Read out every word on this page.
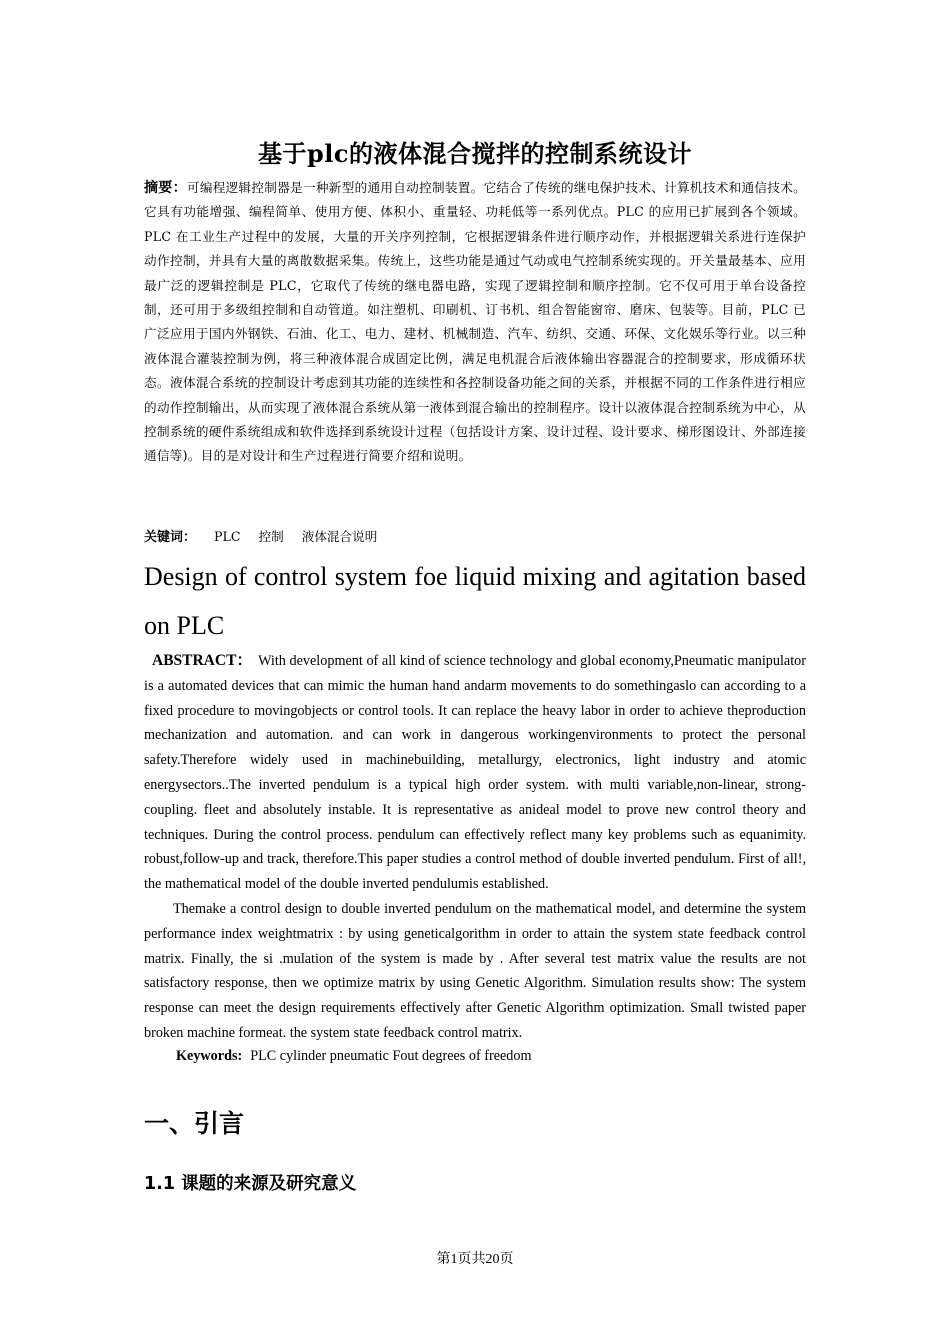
基于plc的液体混合搅拌的控制系统设计
摘要：可编程逻辑控制器是一种新型的通用自动控制装置。它结合了传统的继电保护技术、计算机技术和通信技术。它具有功能增强、编程简单、使用方便、体积小、重量轻、功耗低等一系列优点。PLC 的应用已扩展到各个领域。PLC 在工业生产过程中的发展，大量的开关序列控制，它根据逻辑条件进行顺序动作，并根据逻辑关系进行连保护动作控制，并具有大量的离散数据采集。传统上，这些功能是通过气动或电气控制系统实现的。开关量最基本、应用最广泛的逻辑控制是 PLC，它取代了传统的继电器电路，实现了逻辑控制和顺序控制。它不仅可用于单台设备控制，还可用于多级组控制和自动管道。如注塑机、印刷机、订书机、组合智能窗帘、磨床、包装等。目前，PLC 已广泛应用于国内外钢铁、石油、化工、电力、建材、机械制造、汽车、纺织、交通、环保、文化娱乐等行业。以三种液体混合灌装控制为例，将三种液体混合成固定比例，满足电机混合后液体输出容器混合的控制要求，形成循环状态。液体混合系统的控制设计考虑到其功能的连续性和各控制设备功能之间的关系，并根据不同的工作条件进行相应的动作控制输出，从而实现了液体混合系统从第一液体到混合输出的控制程序。设计以液体混合控制系统为中心，从控制系统的硬件系统组成和软件选择到系统设计过程（包括设计方案、设计过程、设计要求、梯形图设计、外部连接通信等)。目的是对设计和生产过程进行简要介绍和说明。
关键词： PLC 控制 液体混合说明
Design of control system foe liquid mixing and agitation based on PLC

ABSTRACT： With development of all kind of science technology and global economy,Pneumatic manipulator is a automated devices that can mimic the human hand andarm movements to do somethingaslo can according to a fixed procedure to movingobjects or control tools. It can replace the heavy labor in order to achieve theproduction mechanization and automation. and can work in dangerous workingenvironments to protect the personal safety.Therefore widely used in machinebuilding, metallurgy, electronics, light industry and atomic energysectors..The inverted pendulum is a typical high order system. with multi variable,non-linear, strong-coupling. fleet and absolutely instable. It is representative as anideal model to prove new control theory and techniques. During the control process. pendulum can effectively reflect many key problems such as equanimity. robust,follow-up and track, therefore.This paper studies a control method of double inverted pendulum. First of all!, the mathematical model of the double inverted pendulumis established.

Themake a control design to double inverted pendulum on the mathematical model, and determine the system performance index weightmatrix : by using geneticalgorithm in order to attain the system state feedback control matrix. Finally, the si .mulation of the system is made by . After several test matrix value the results are not satisfactory response, then we optimize matrix by using Genetic Algorithm. Simulation results show: The system response can meet the design requirements effectively after Genetic Algorithm optimization. Small twisted paper broken machine formeat. the system state feedback control matrix.

Keywords: PLC cylinder pneumatic Fout degrees of freedom
一、引言
1.1 课题的来源及研究意义
第1页共20页
